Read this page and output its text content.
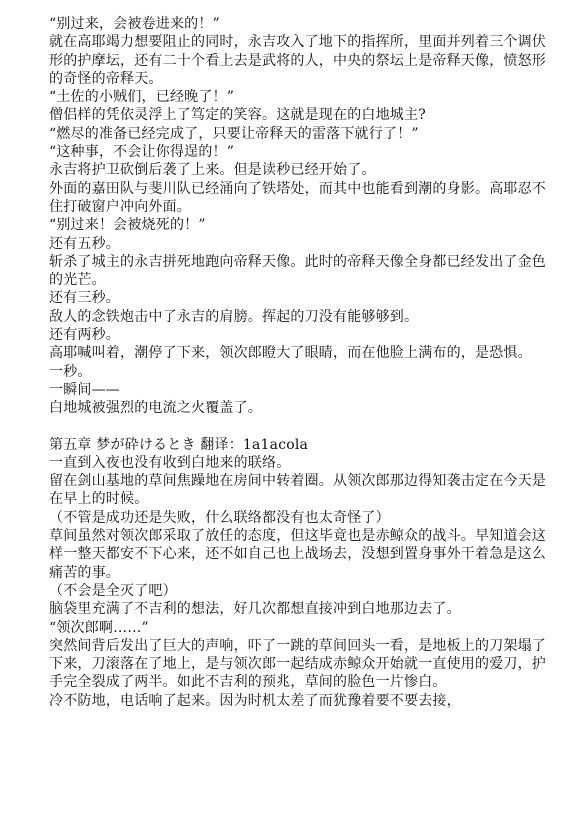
“别过来，会被卷进来的！”
就在高耶竭力想要阻止的同时，永吉攻入了地下的指挥所，里面并列着三个调伏形的护摩坛，还有二十个看上去是武将的人，中央的祭坛上是帝释天像，愤怒形的奇怪的帝释天。
“土佐的小贼们，已经晚了！”
僧侣样的凭依灵浮上了笃定的笑容。这就是现在的白地城主?
“燃尽的准备已经完成了，只要让帝释天的雷落下就行了！”
“这种事，不会让你得逞的！”
永吉将护卫砍倒后袭了上来。但是读秒已经开始了。
外面的嘉田队与斐川队已经涌向了铁塔处，而其中也能看到潮的身影。高耶忍不住打破窗户冲向外面。
“别过来！会被烧死的！”
还有五秒。
斩杀了城主的永吉拼死地跑向帝释天像。此时的帝释天像全身都已经发出了金色的光芒。
还有三秒。
敌人的念铁炮击中了永吉的肩膀。挥起的刀没有能够够到。
还有两秒。
高耶喊叫着，潮停了下来，领次郎瞪大了眼睛，而在他脸上满布的，是恐惧。
一秒。
一瞬间——
白地城被强烈的电流之火覆盖了。
第五章 梦が砕けるとき 翻译：1a1acola
一直到入夜也没有收到白地来的联络。
留在剑山基地的草间焦躁地在房间中转着圈。从领次郎那边得知袭击定在今天是在早上的时候。
（不管是成功还是失败，什么联络都没有也太奇怪了）
草间虽然对领次郎采取了放任的态度，但这毕竟也是赤鲸众的战斗。早知道会这样一整天都安不下心来，还不如自己也上战场去，没想到置身事外干着急是这么痛苦的事。
（不会是全灭了吧）
脑袋里充满了不吉利的想法，好几次都想直接冲到白地那边去了。
“领次郎啊……”
突然间背后发出了巨大的声响，吓了一跳的草间回头一看，是地板上的刀架塌了下来，刀滚落在了地上，是与领次郎一起结成赤鲸众开始就一直使用的爱刀，护手完全裂成了两半。如此不吉利的预兆，草间的脸色一片惨白。
冷不防地，电话响了起来。因为时机太差了而犹豫着要不要去接，
